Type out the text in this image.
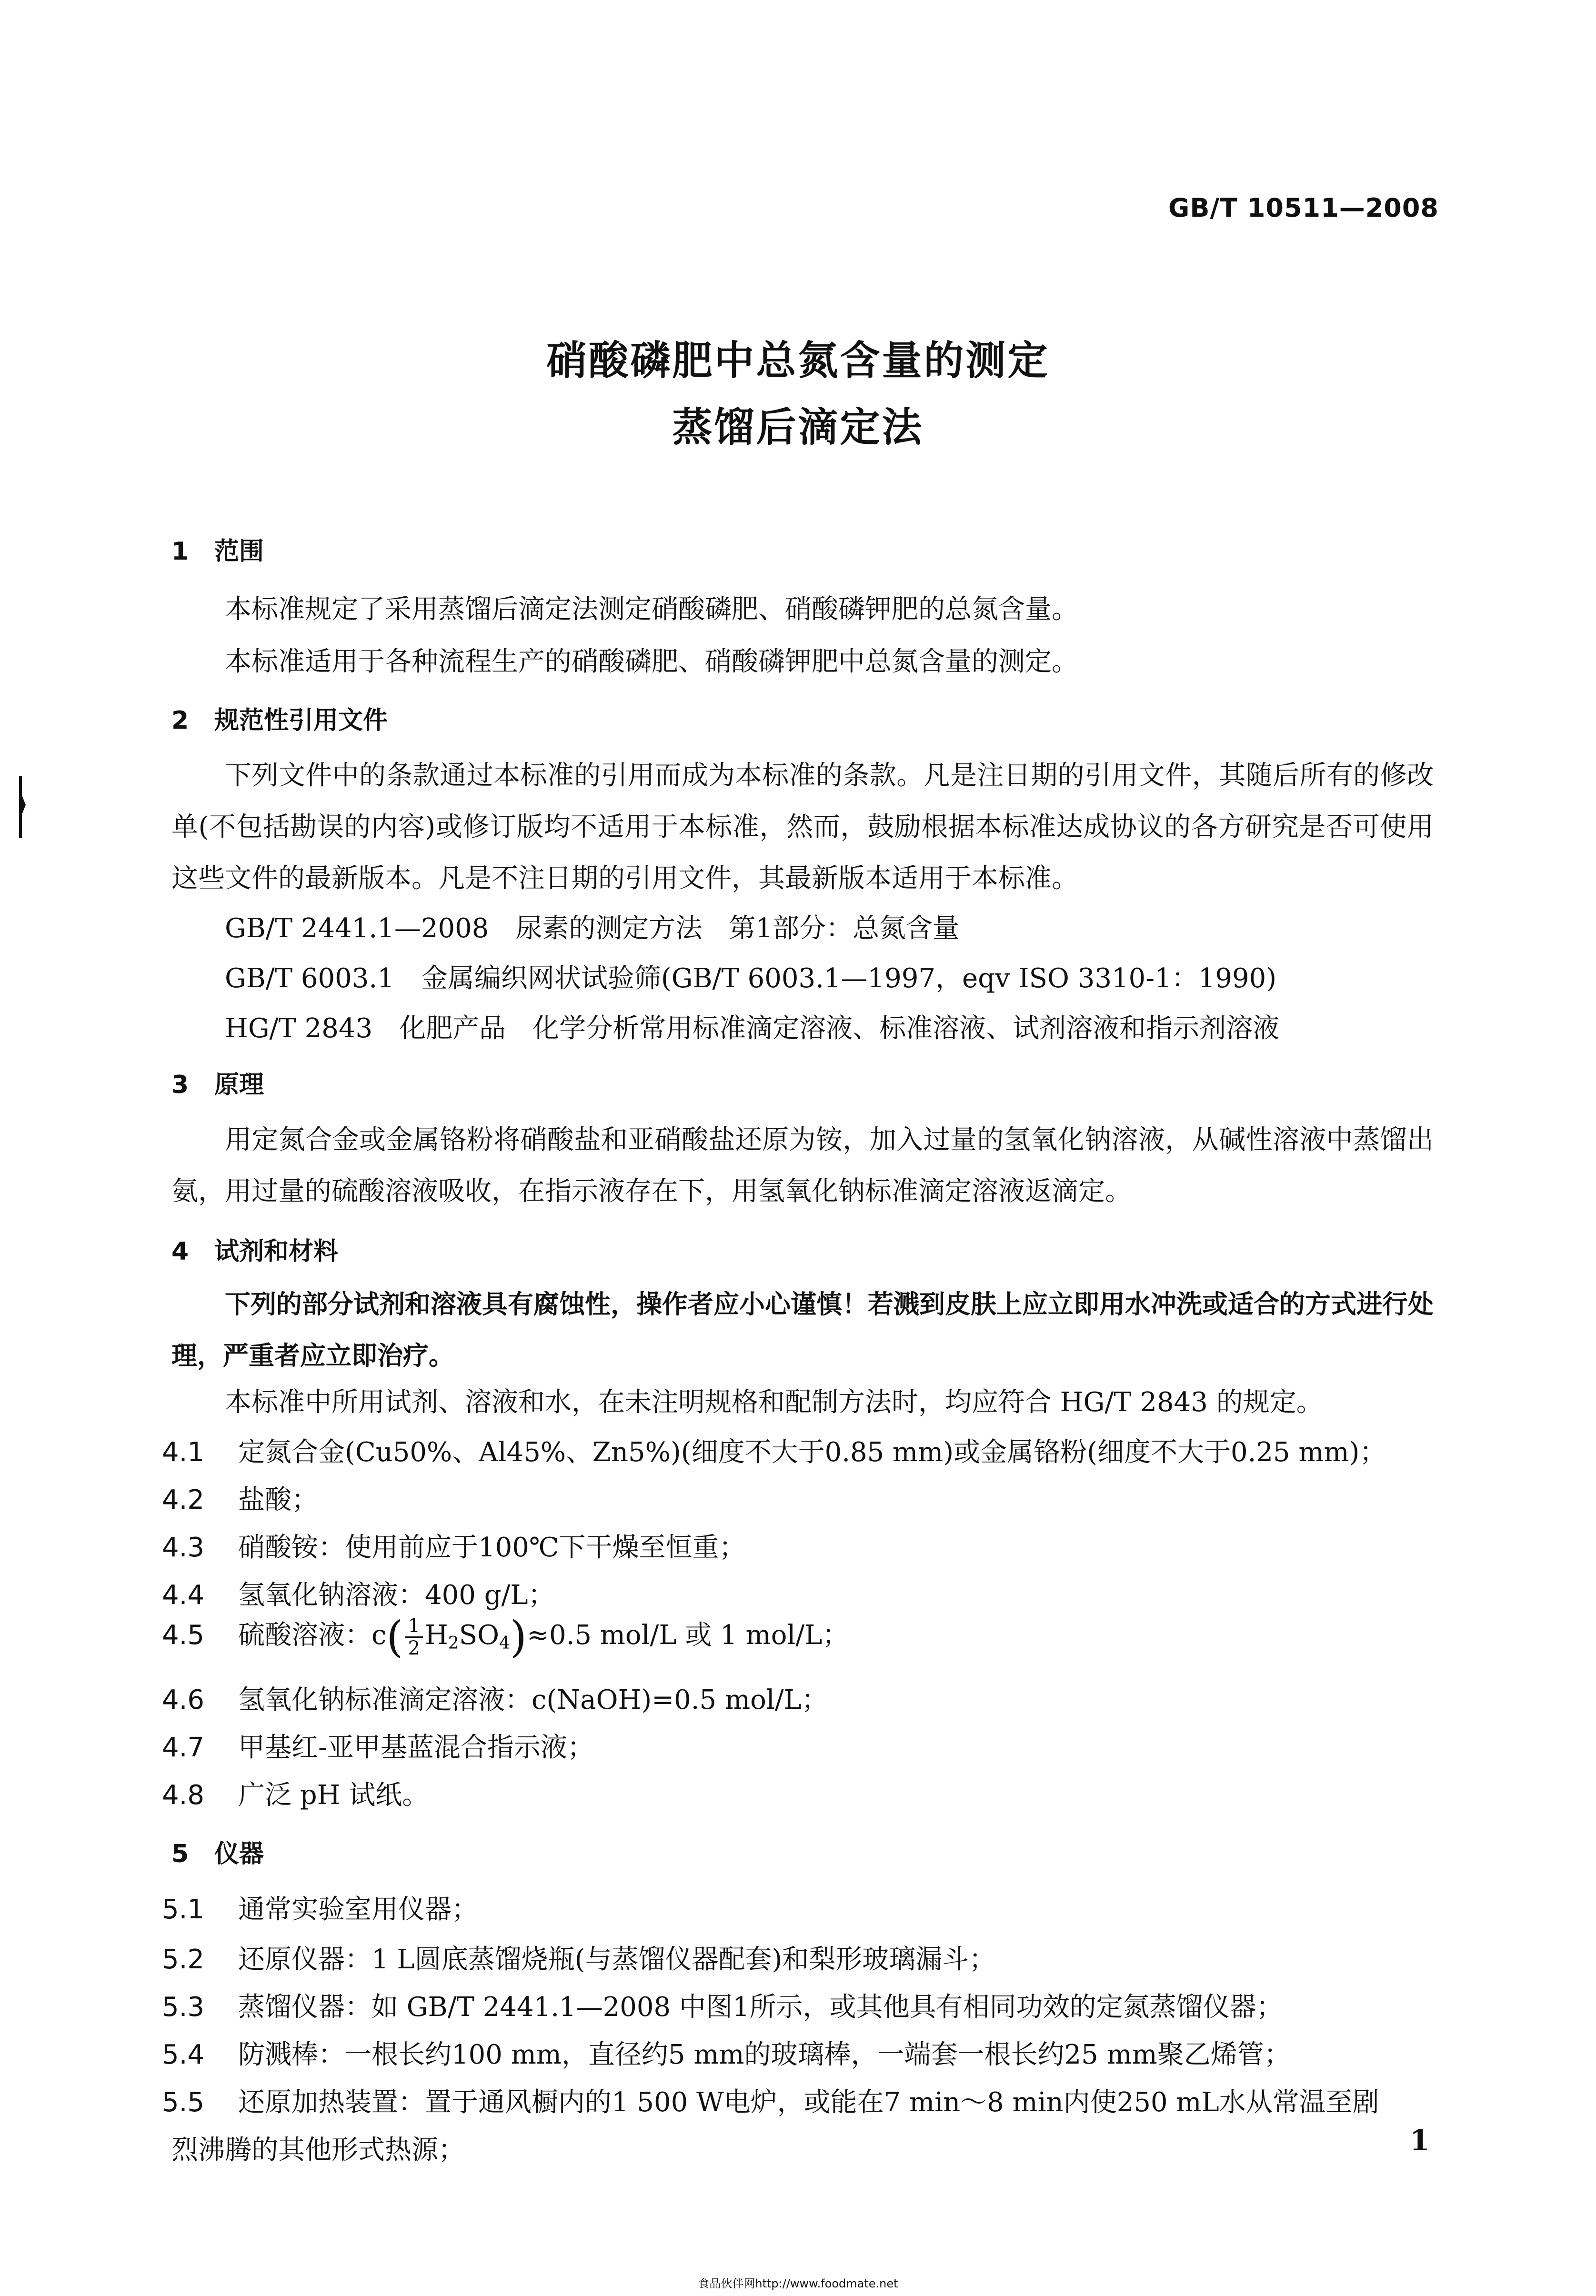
GB/T 10511—2008
硝酸磷肥中总氮含量的测定
蒸馏后滴定法
1 范围
本标准规定了采用蒸馏后滴定法测定硝酸磷肥、硝酸磷钾肥的总氮含量。
本标准适用于各种流程生产的硝酸磷肥、硝酸磷钾肥中总氮含量的测定。
2 规范性引用文件

下列文件中的条款通过本标准的引用而成为本标准的条款。凡是注日期的引用文件，其随后所有的修改单(不包括勘误的内容)或修订版均不适用于本标准，然而，鼓励根据本标准达成协议的各方研究是否可使用这些文件的最新版本。凡是不注日期的引用文件，其最新版本适用于本标准。

GB/T 2441.1—2008　尿素的测定方法　第1部分：总氮含量
GB/T 6003.1　金属编织网状试验筛(GB/T 6003.1—1997，eqv ISO 3310-1：1990)
HG/T 2843　化肥产品　化学分析常用标准滴定溶液、标准溶液、试剂溶液和指示剂溶液
3 原理

用定氮合金或金属铬粉将硝酸盐和亚硝酸盐还原为铵，加入过量的氢氧化钠溶液，从碱性溶液中蒸馏出氨，用过量的硫酸溶液吸收，在指示液存在下，用氢氧化钠标准滴定溶液返滴定。

4 试剂和材料

下列的部分试剂和溶液具有腐蚀性，操作者应小心谨慎！若溅到皮肤上应立即用水冲洗或适合的方式进行处理，严重者应立即治疗。

本标准中所用试剂、溶液和水，在未注明规格和配制方法时，均应符合 HG/T 2843 的规定。
4.1 定氮合金(Cu50%、Al45%、Zn5%)(细度不大于0.85 mm)或金属铬粉(细度不大于0.25 mm)；
4.2 盐酸；
4.3 硝酸铵：使用前应于100℃下干燥至恒重；
4.4 氢氧化钠溶液：400 g/L；
4.5 硫酸溶液：$c( \frac{1}{2} H_2SO_4)\approx 0.5$ mol/L 或 1 mol/L；
4.6 氢氧化钠标准滴定溶液：c(NaOH)=0.5 mol/L；
4.7 甲基红-亚甲基蓝混合指示液；
4.8 广泛 pH 试纸。
5 仪器
5.1 通常实验室用仪器；
5.2 还原仪器：1 L圆底蒸馏烧瓶(与蒸馏仪器配套)和梨形玻璃漏斗；
5.3 蒸馏仪器：如 GB/T 2441.1—2008 中图1所示，或其他具有相同功效的定氮蒸馏仪器；
5.4 防溅棒：一根长约100 mm，直径约5 mm的玻璃棒，一端套一根长约25 mm聚乙烯管；
5.5 还原加热装置：置于通风橱内的1 500 W电炉，或能在7 min～8 min内使250 mL水从常温至剧
烈沸腾的其他形式热源；	1
食品伙伴网http://www.foodmate.net
